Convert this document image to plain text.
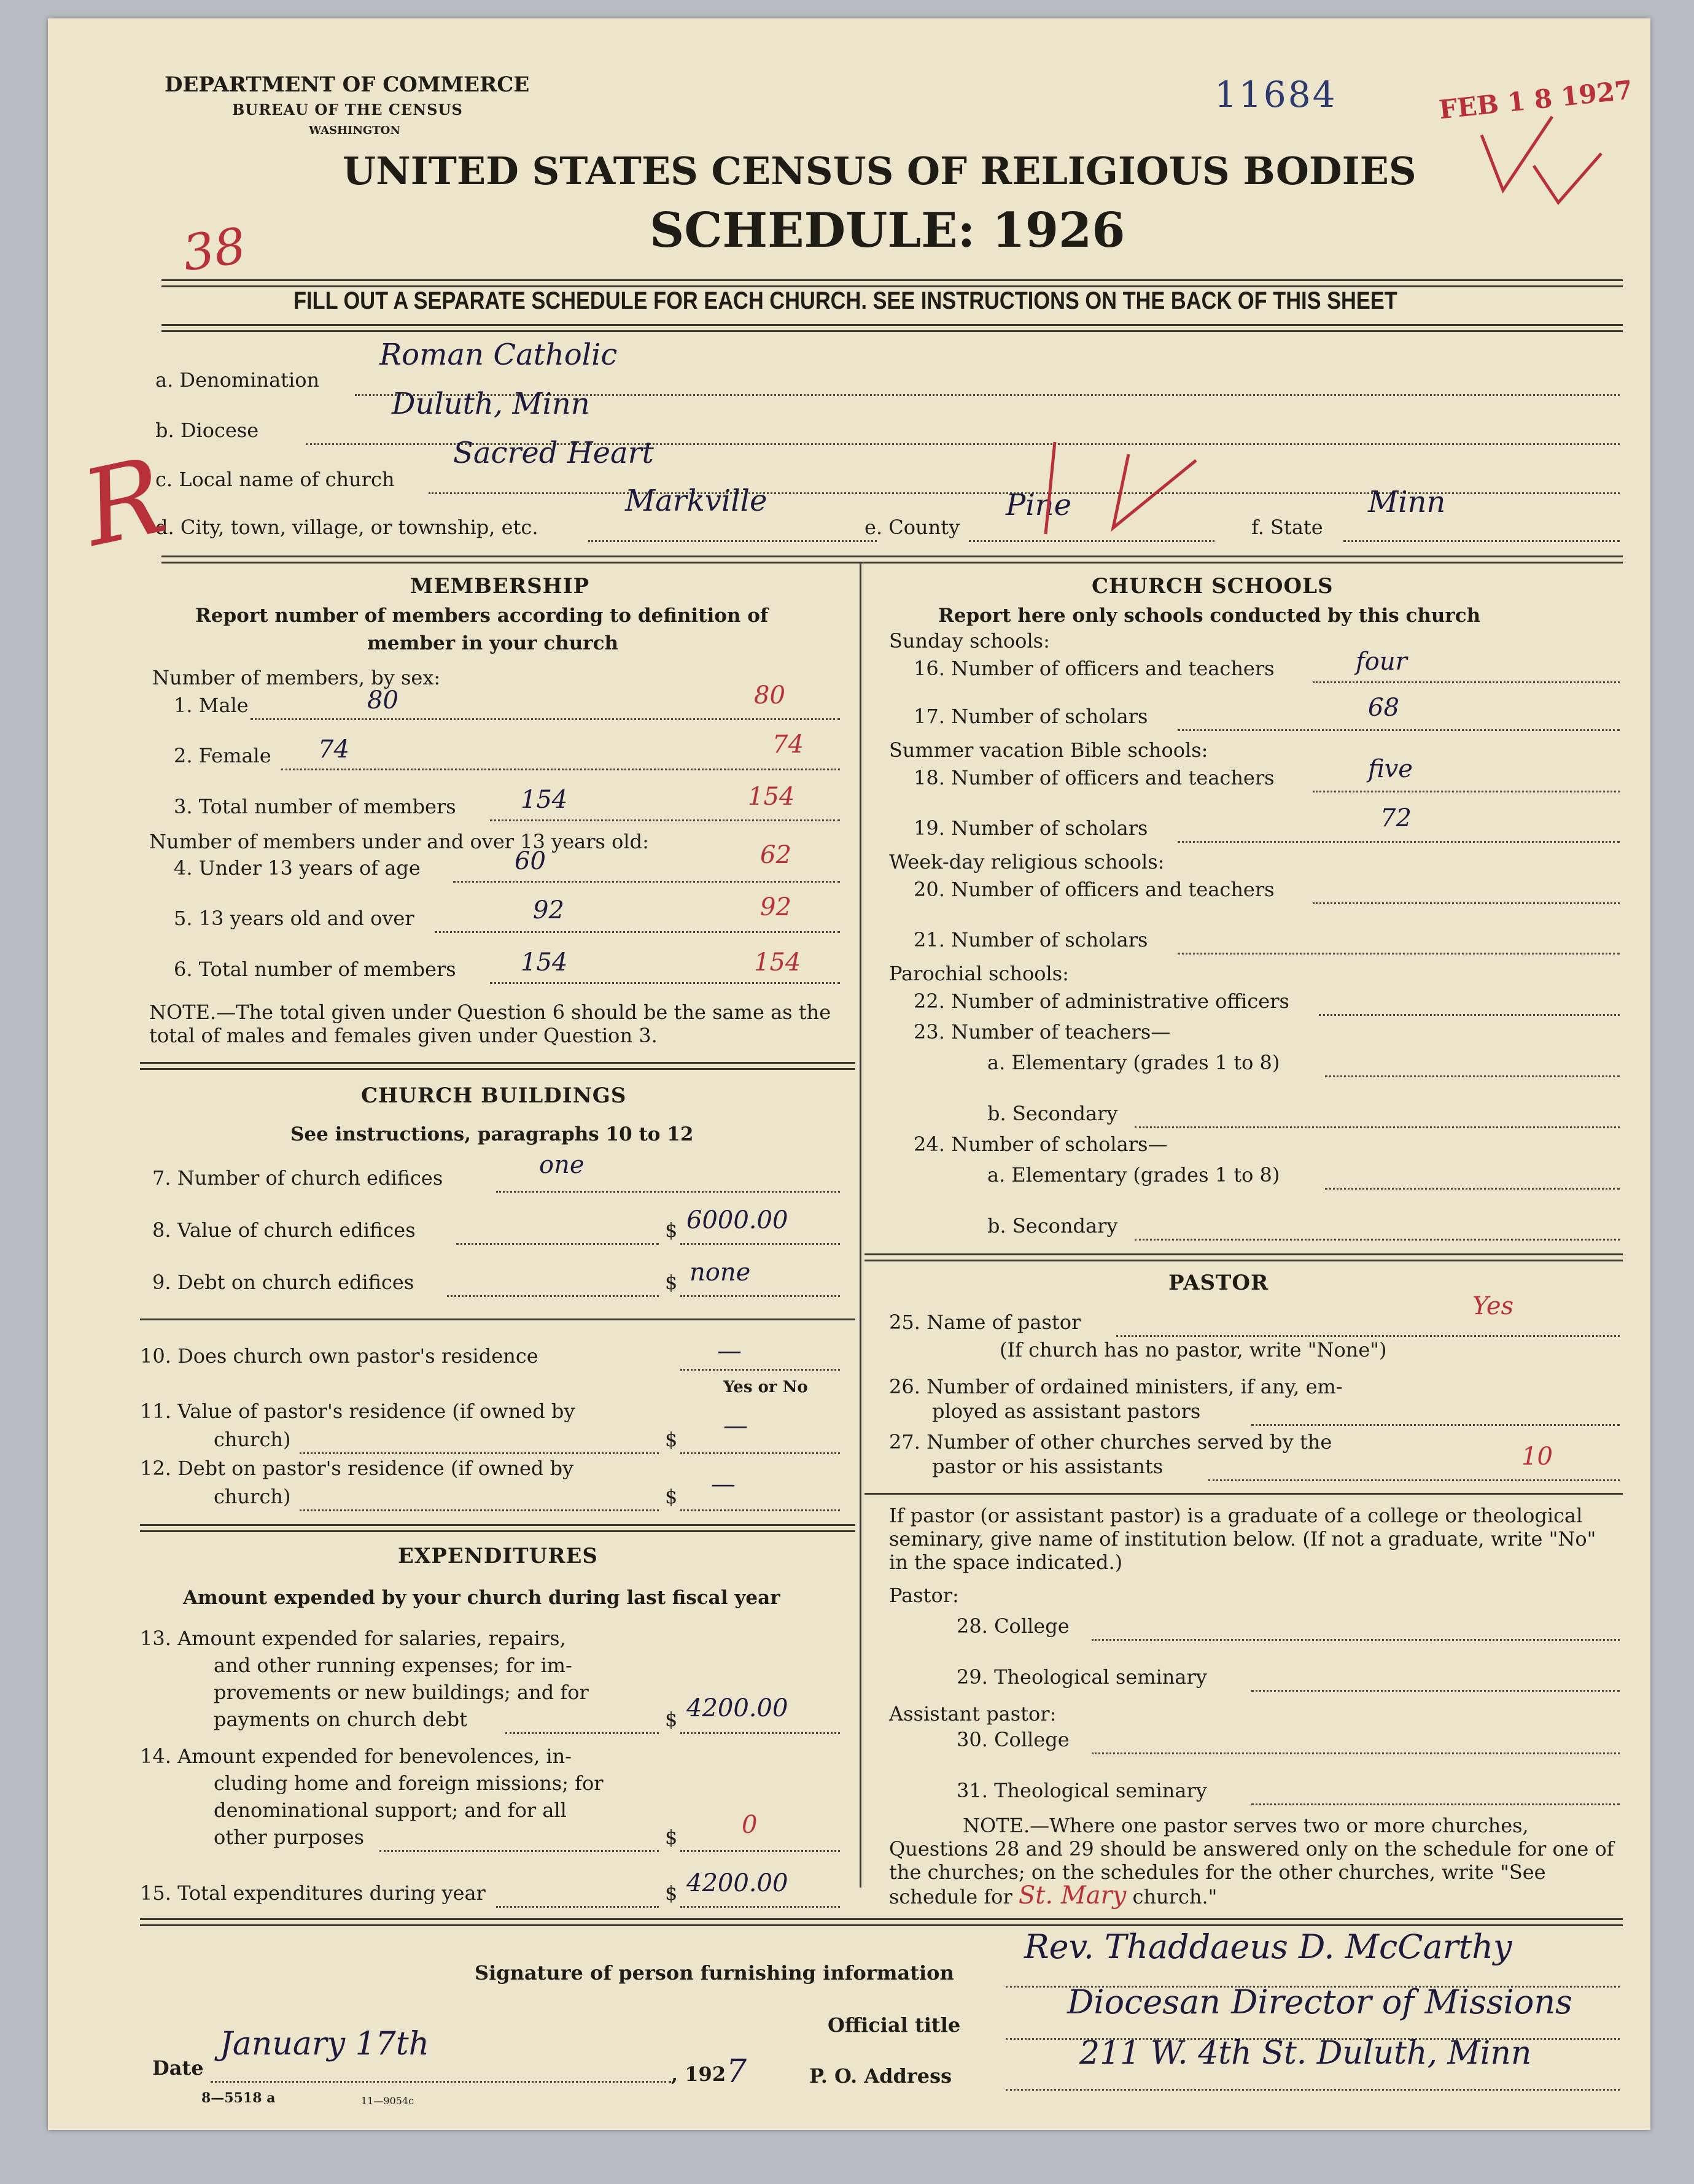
DEPARTMENT OF COMMERCE
BUREAU OF THE CENSUS
WASHINGTON
11684	FEB 1 8 1927
UNITED STATES CENSUS OF RELIGIOUS BODIES
SCHEDULE: 1926
38
FILL OUT A SEPARATE SCHEDULE FOR EACH CHURCH. SEE INSTRUCTIONS ON THE BACK OF THIS SHEET
a. Denomination
Roman Catholic
b. Diocese
Duluth, Minn
c. Local name of church
Sacred Heart
d. City, town, village, or township, etc.
Markville
e. County
Pine
f. State
Minn
R
MEMBERSHIP
Report number of members according to definition of
member in your church
Number of members, by sex:
1. Male	80	80
2. Female 74	74
3. Total number of members	154	154
Number of members under and over 13 years old:
4. Under 13 years of age	60	62
5. 13 years old and over	92	92
6. Total number of members	154	154
NOTE.—The total given under Question 6 should be the same as the total of males and females given under Question 3.
CHURCH BUILDINGS
See instructions, paragraphs 10 to 12
7. Number of church edifices	one
8. Value of church edifices	$ 6000.00
9. Debt on church edifices	$ none
10. Does church own pastor's residence	—
Yes or No
11. Value of pastor's residence (if owned by
church)	$ —
12. Debt on pastor's residence (if owned by
church)	$ —
EXPENDITURES
Amount expended by your church during last fiscal year
13. Amount expended for salaries, repairs,
and other running expenses; for im-
provements or new buildings; and for
payments on church debt	$ 4200.00
14. Amount expended for benevolences, in-
cluding home and foreign missions; for
denominational support; and for all
other purposes	$	0
15. Total expenditures during year	$ 4200.00
CHURCH SCHOOLS
Report here only schools conducted by this church
Sunday schools:
16. Number of officers and teachers	four
17. Number of scholars	68
Summer vacation Bible schools:
18. Number of officers and teachers	five
19. Number of scholars	72
Week-day religious schools:
20. Number of officers and teachers
21. Number of scholars
Parochial schools:
22. Number of administrative officers
23. Number of teachers—
a. Elementary (grades 1 to 8)
b. Secondary
24. Number of scholars—
a. Elementary (grades 1 to 8)
b. Secondary
PASTOR
25. Name of pastor
Yes
(If church has no pastor, write "None")
26. Number of ordained ministers, if any, em-
ployed as assistant pastors
27. Number of other churches served by the
pastor or his assistants	10
If pastor (or assistant pastor) is a graduate of a college or theological seminary, give name of institution below. (If not a graduate, write "No" in the space indicated.)
Pastor:
28. College
29. Theological seminary
Assistant pastor:
30. College
31. Theological seminary
NOTE.—Where one pastor serves two or more churches, Questions 28 and 29 should be answered only on the schedule for one of the churches; on the schedules for the other churches, write "See schedule for St. Mary church."
Signature of person furnishing information
Rev. Thaddaeus D. McCarthy
Official title
Diocesan Director of Missions
P. O. Address
211 W. 4th St. Duluth, Minn
Date
January 17th
, 192 7
8—5518 a	11—9054c
